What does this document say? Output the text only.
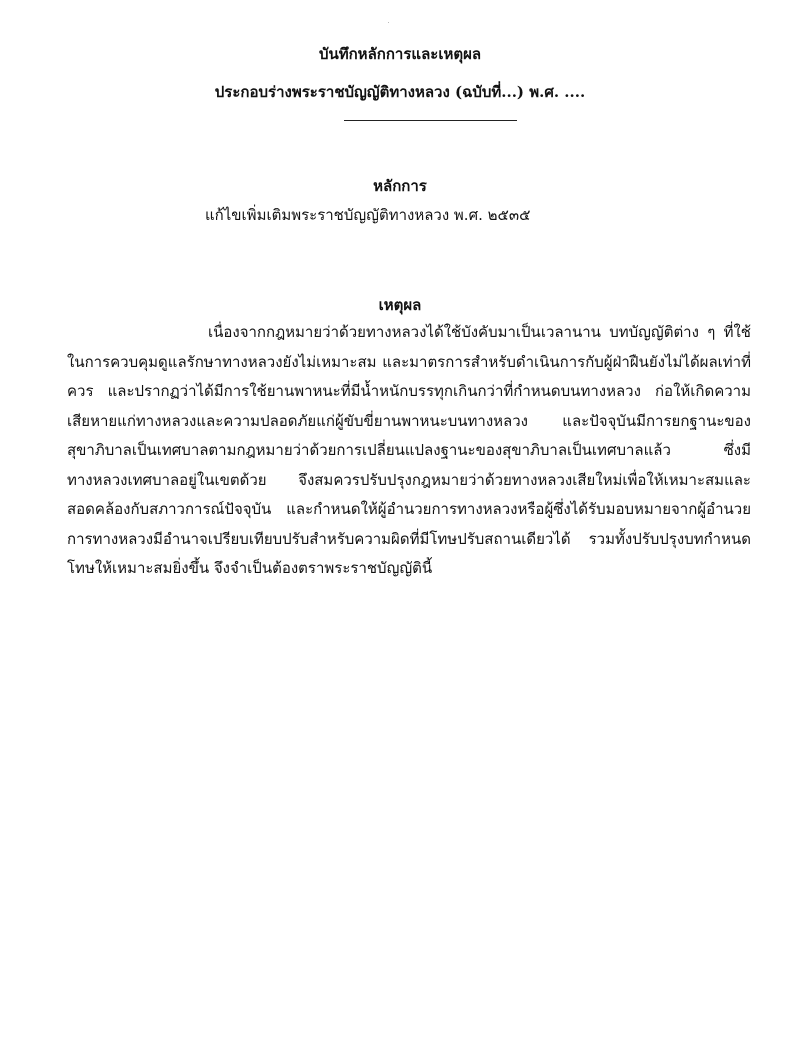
บันทึกหลักการและเหตุผล
ประกอบร่างพระราชบัญญัติทางหลวง (ฉบับที่...) พ.ศ. ....
หลักการ
แก้ไขเพิ่มเติมพระราชบัญญัติทางหลวง พ.ศ. ๒๕๓๕
เหตุผล

เนื่องจากกฎหมายว่าด้วยทางหลวงได้ใช้บังคับมาเป็นเวลานาน บทบัญญัติต่าง ๆ ที่ใช้ในการควบคุมดูแลรักษาทางหลวงยังไม่เหมาะสม และมาตรการสำหรับดำเนินการกับผู้ฝ่าฝืนยังไม่ได้ผลเท่าที่ควร และปรากฏว่าได้มีการใช้ยานพาหนะที่มีน้ำหนักบรรทุกเกินกว่าที่กำหนดบนทางหลวง ก่อให้เกิดความเสียหายแก่ทางหลวงและความปลอดภัยแก่ผู้ขับขี่ยานพาหนะบนทางหลวง และปัจจุบันมีการยกฐานะของสุขาภิบาลเป็นเทศบาลตามกฎหมายว่าด้วยการเปลี่ยนแปลงฐานะของสุขาภิบาลเป็นเทศบาลแล้ว ซึ่งมีทางหลวงเทศบาลอยู่ในเขตด้วย จึงสมควรปรับปรุงกฎหมายว่าด้วยทางหลวงเสียใหม่เพื่อให้เหมาะสมและสอดคล้องกับสภาวการณ์ปัจจุบัน และกำหนดให้ผู้อำนวยการทางหลวงหรือผู้ซึ่งได้รับมอบหมายจากผู้อำนวยการทางหลวงมีอำนาจเปรียบเทียบปรับสำหรับความผิดที่มีโทษปรับสถานเดียวได้ รวมทั้งปรับปรุงบทกำหนดโทษให้เหมาะสมยิ่งขึ้น จึงจำเป็นต้องตราพระราชบัญญัตินี้
